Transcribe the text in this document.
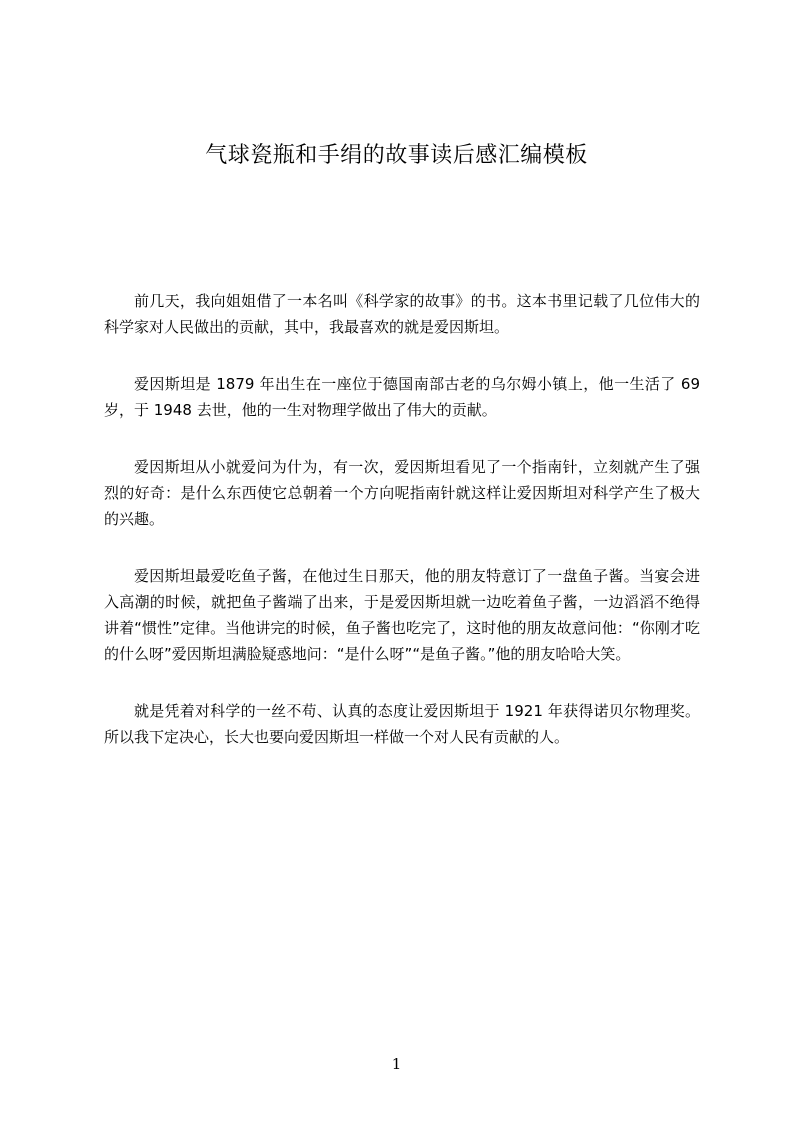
气球瓷瓶和手绢的故事读后感汇编模板

前几天，我向姐姐借了一本名叫《科学家的故事》的书。这本书里记载了几位伟大的科学家对人民做出的贡献，其中，我最喜欢的就是爱因斯坦。

爱因斯坦是 1879 年出生在一座位于德国南部古老的乌尔姆小镇上，他一生活了 69 岁，于 1948 去世，他的一生对物理学做出了伟大的贡献。

爱因斯坦从小就爱问为什为，有一次，爱因斯坦看见了一个指南针，立刻就产生了强烈的好奇：是什么东西使它总朝着一个方向呢指南针就这样让爱因斯坦对科学产生了极大的兴趣。

爱因斯坦最爱吃鱼子酱，在他过生日那天，他的朋友特意订了一盘鱼子酱。当宴会进入高潮的时候，就把鱼子酱端了出来，于是爱因斯坦就一边吃着鱼子酱，一边滔滔不绝得讲着“惯性”定律。当他讲完的时候，鱼子酱也吃完了，这时他的朋友故意问他：“你刚才吃的什么呀”爱因斯坦满脸疑惑地问：“是什么呀”“是鱼子酱。”他的朋友哈哈大笑。

就是凭着对科学的一丝不苟、认真的态度让爱因斯坦于 1921 年获得诺贝尔物理奖。所以我下定决心，长大也要向爱因斯坦一样做一个对人民有贡献的人。

1
